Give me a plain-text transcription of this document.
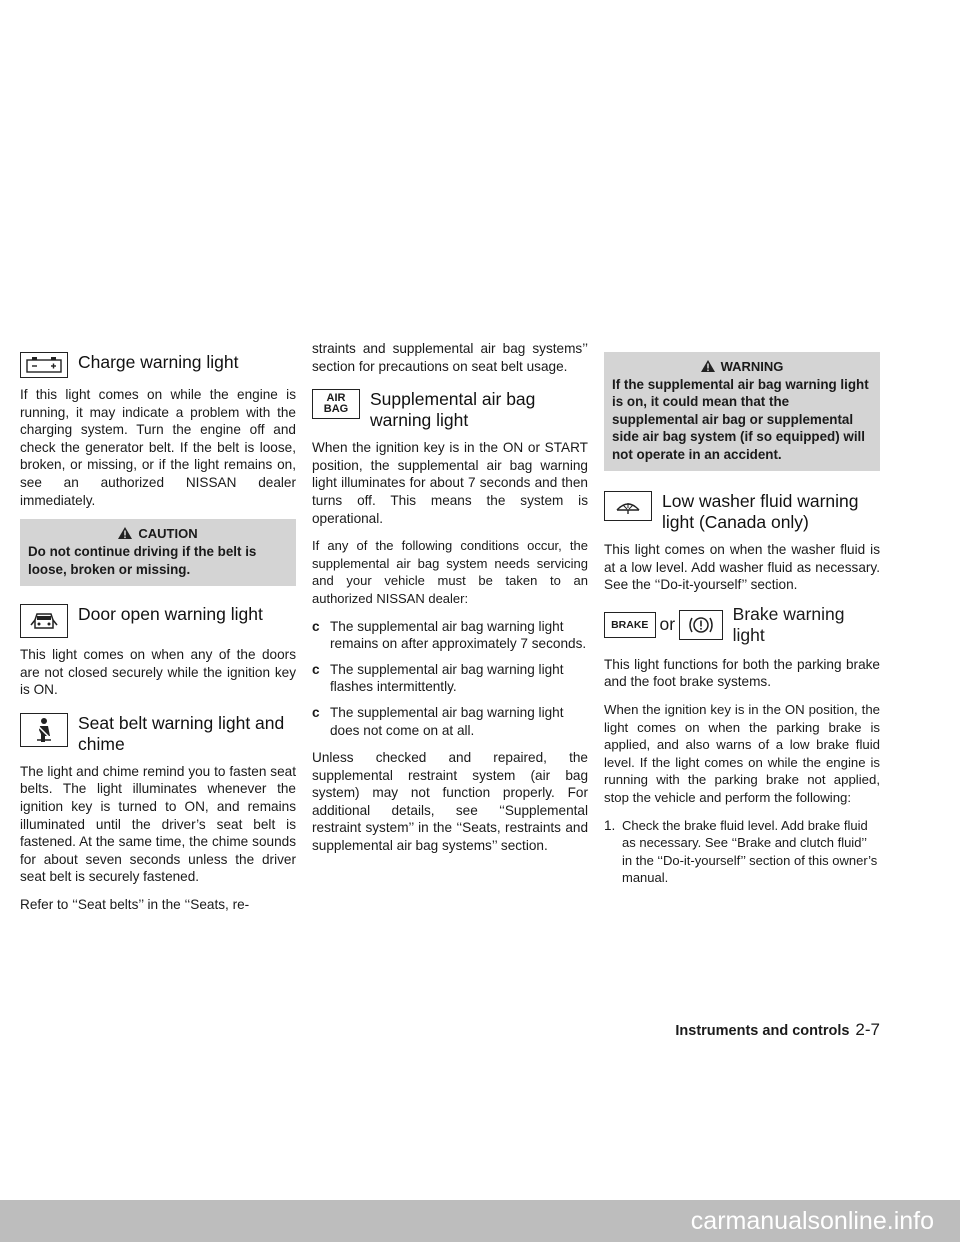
Charge warning light

If this light comes on while the engine is running, it may indicate a problem with the charging system. Turn the engine off and check the generator belt. If the belt is loose, broken, or missing, or if the light remains on, see an authorized NISSAN dealer immediately.

CAUTION
Do not continue driving if the belt is loose, broken or missing.
Door open warning light

This light comes on when any of the doors are not closed securely while the ignition key is ON.

Seat belt warning light and chime

The light and chime remind you to fasten seat belts. The light illuminates whenever the ignition key is turned to ON, and remains illuminated until the driver’s seat belt is fastened. At the same time, the chime sounds for about seven seconds unless the driver seat belt is securely fastened.

Refer to ‘‘Seat belts’’ in the ‘‘Seats, re-

straints and supplemental air bag systems’’ section for precautions on seat belt usage.

AIR BAG Supplemental air bag warning light

When the ignition key is in the ON or START position, the supplemental air bag warning light illuminates for about 7 seconds and then turns off. This means the system is operational.

If any of the following conditions occur, the supplemental air bag system needs servicing and your vehicle must be taken to an authorized NISSAN dealer:

c The supplemental air bag warning light remains on after approximately 7 seconds.
c The supplemental air bag warning light flashes intermittently.
c The supplemental air bag warning light does not come on at all.

Unless checked and repaired, the supplemental restraint system (air bag system) may not function properly. For additional details, see ‘‘Supplemental restraint system’’ in the ‘‘Seats, restraints and supplemental air bag systems’’ section.

WARNING
If the supplemental air bag warning light is on, it could mean that the supplemental air bag or supplemental side air bag system (if so equipped) will not operate in an accident.
Low washer fluid warning light (Canada only)

This light comes on when the washer fluid is at a low level. Add washer fluid as necessary. See the ‘‘Do-it-yourself’’ section.

BRAKE or
Brake warning light

This light functions for both the parking brake and the foot brake systems.

When the ignition key is in the ON position, the light comes on when the parking brake is applied, and also warns of a low brake fluid level. If the light comes on while the engine is running with the parking brake not applied, stop the vehicle and perform the following:

1. Check the brake fluid level. Add brake fluid as necessary. See ‘‘Brake and clutch fluid’’ in the ‘‘Do-it-yourself’’ section of this owner’s manual.
Instruments and controls 2-7
carmanualsonline.info
